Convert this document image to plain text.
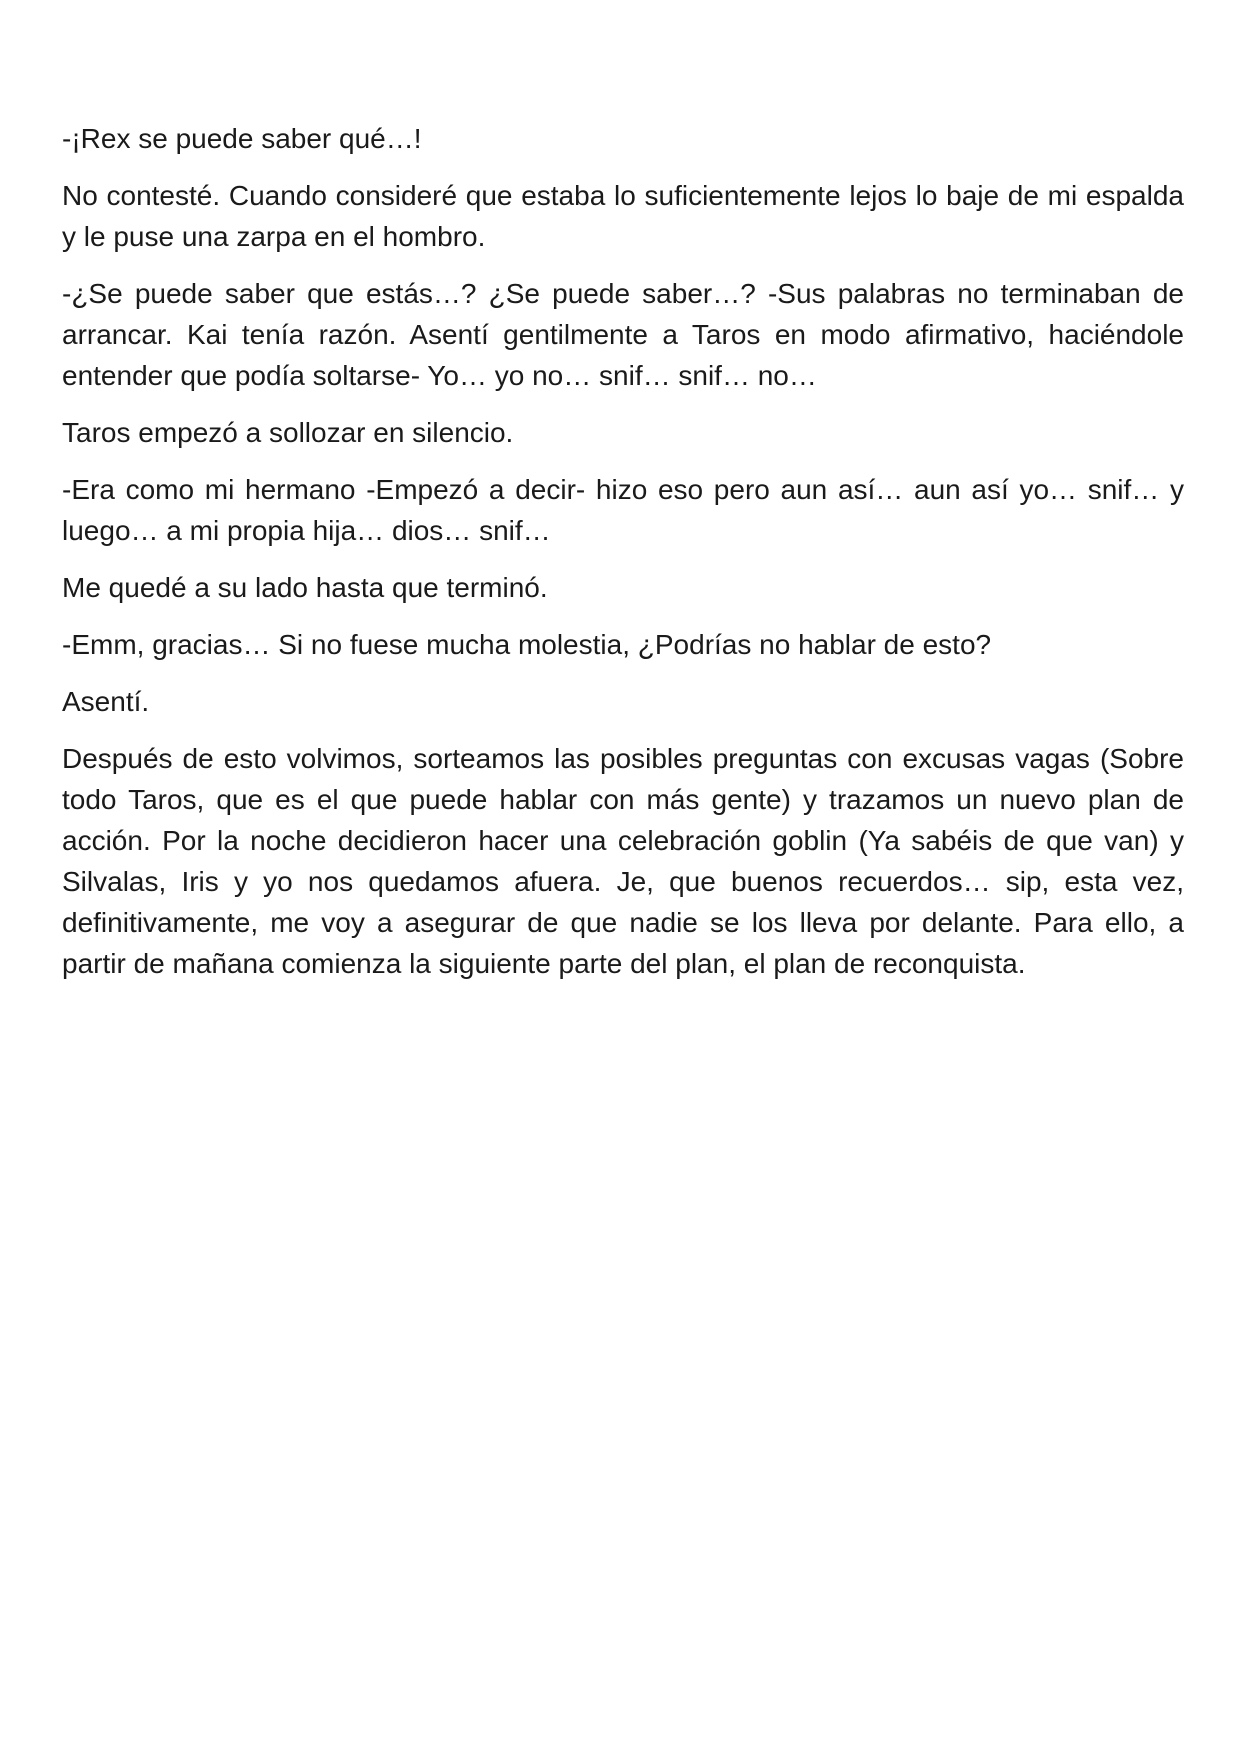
-¡Rex se puede saber qué…!

No contesté. Cuando consideré que estaba lo suficientemente lejos lo baje de mi espalda y le puse una zarpa en el hombro.

-¿Se puede saber que estás…? ¿Se puede saber…? -Sus palabras no terminaban de arrancar. Kai tenía razón. Asentí gentilmente a Taros en modo afirmativo, haciéndole entender que podía soltarse- Yo… yo no… snif… snif… no…

Taros empezó a sollozar en silencio.

-Era como mi hermano -Empezó a decir- hizo eso pero aun así… aun así yo… snif… y luego… a mi propia hija… dios… snif…

Me quedé a su lado hasta que terminó.

-Emm, gracias… Si no fuese mucha molestia, ¿Podrías no hablar de esto?

Asentí.

Después de esto volvimos, sorteamos las posibles preguntas con excusas vagas (Sobre todo Taros, que es el que puede hablar con más gente) y trazamos un nuevo plan de acción. Por la noche decidieron hacer una celebración goblin (Ya sabéis de que van) y Silvalas, Iris y yo nos quedamos afuera. Je, que buenos recuerdos… sip, esta vez, definitivamente, me voy a asegurar de que nadie se los lleva por delante. Para ello, a partir de mañana comienza la siguiente parte del plan, el plan de reconquista.
